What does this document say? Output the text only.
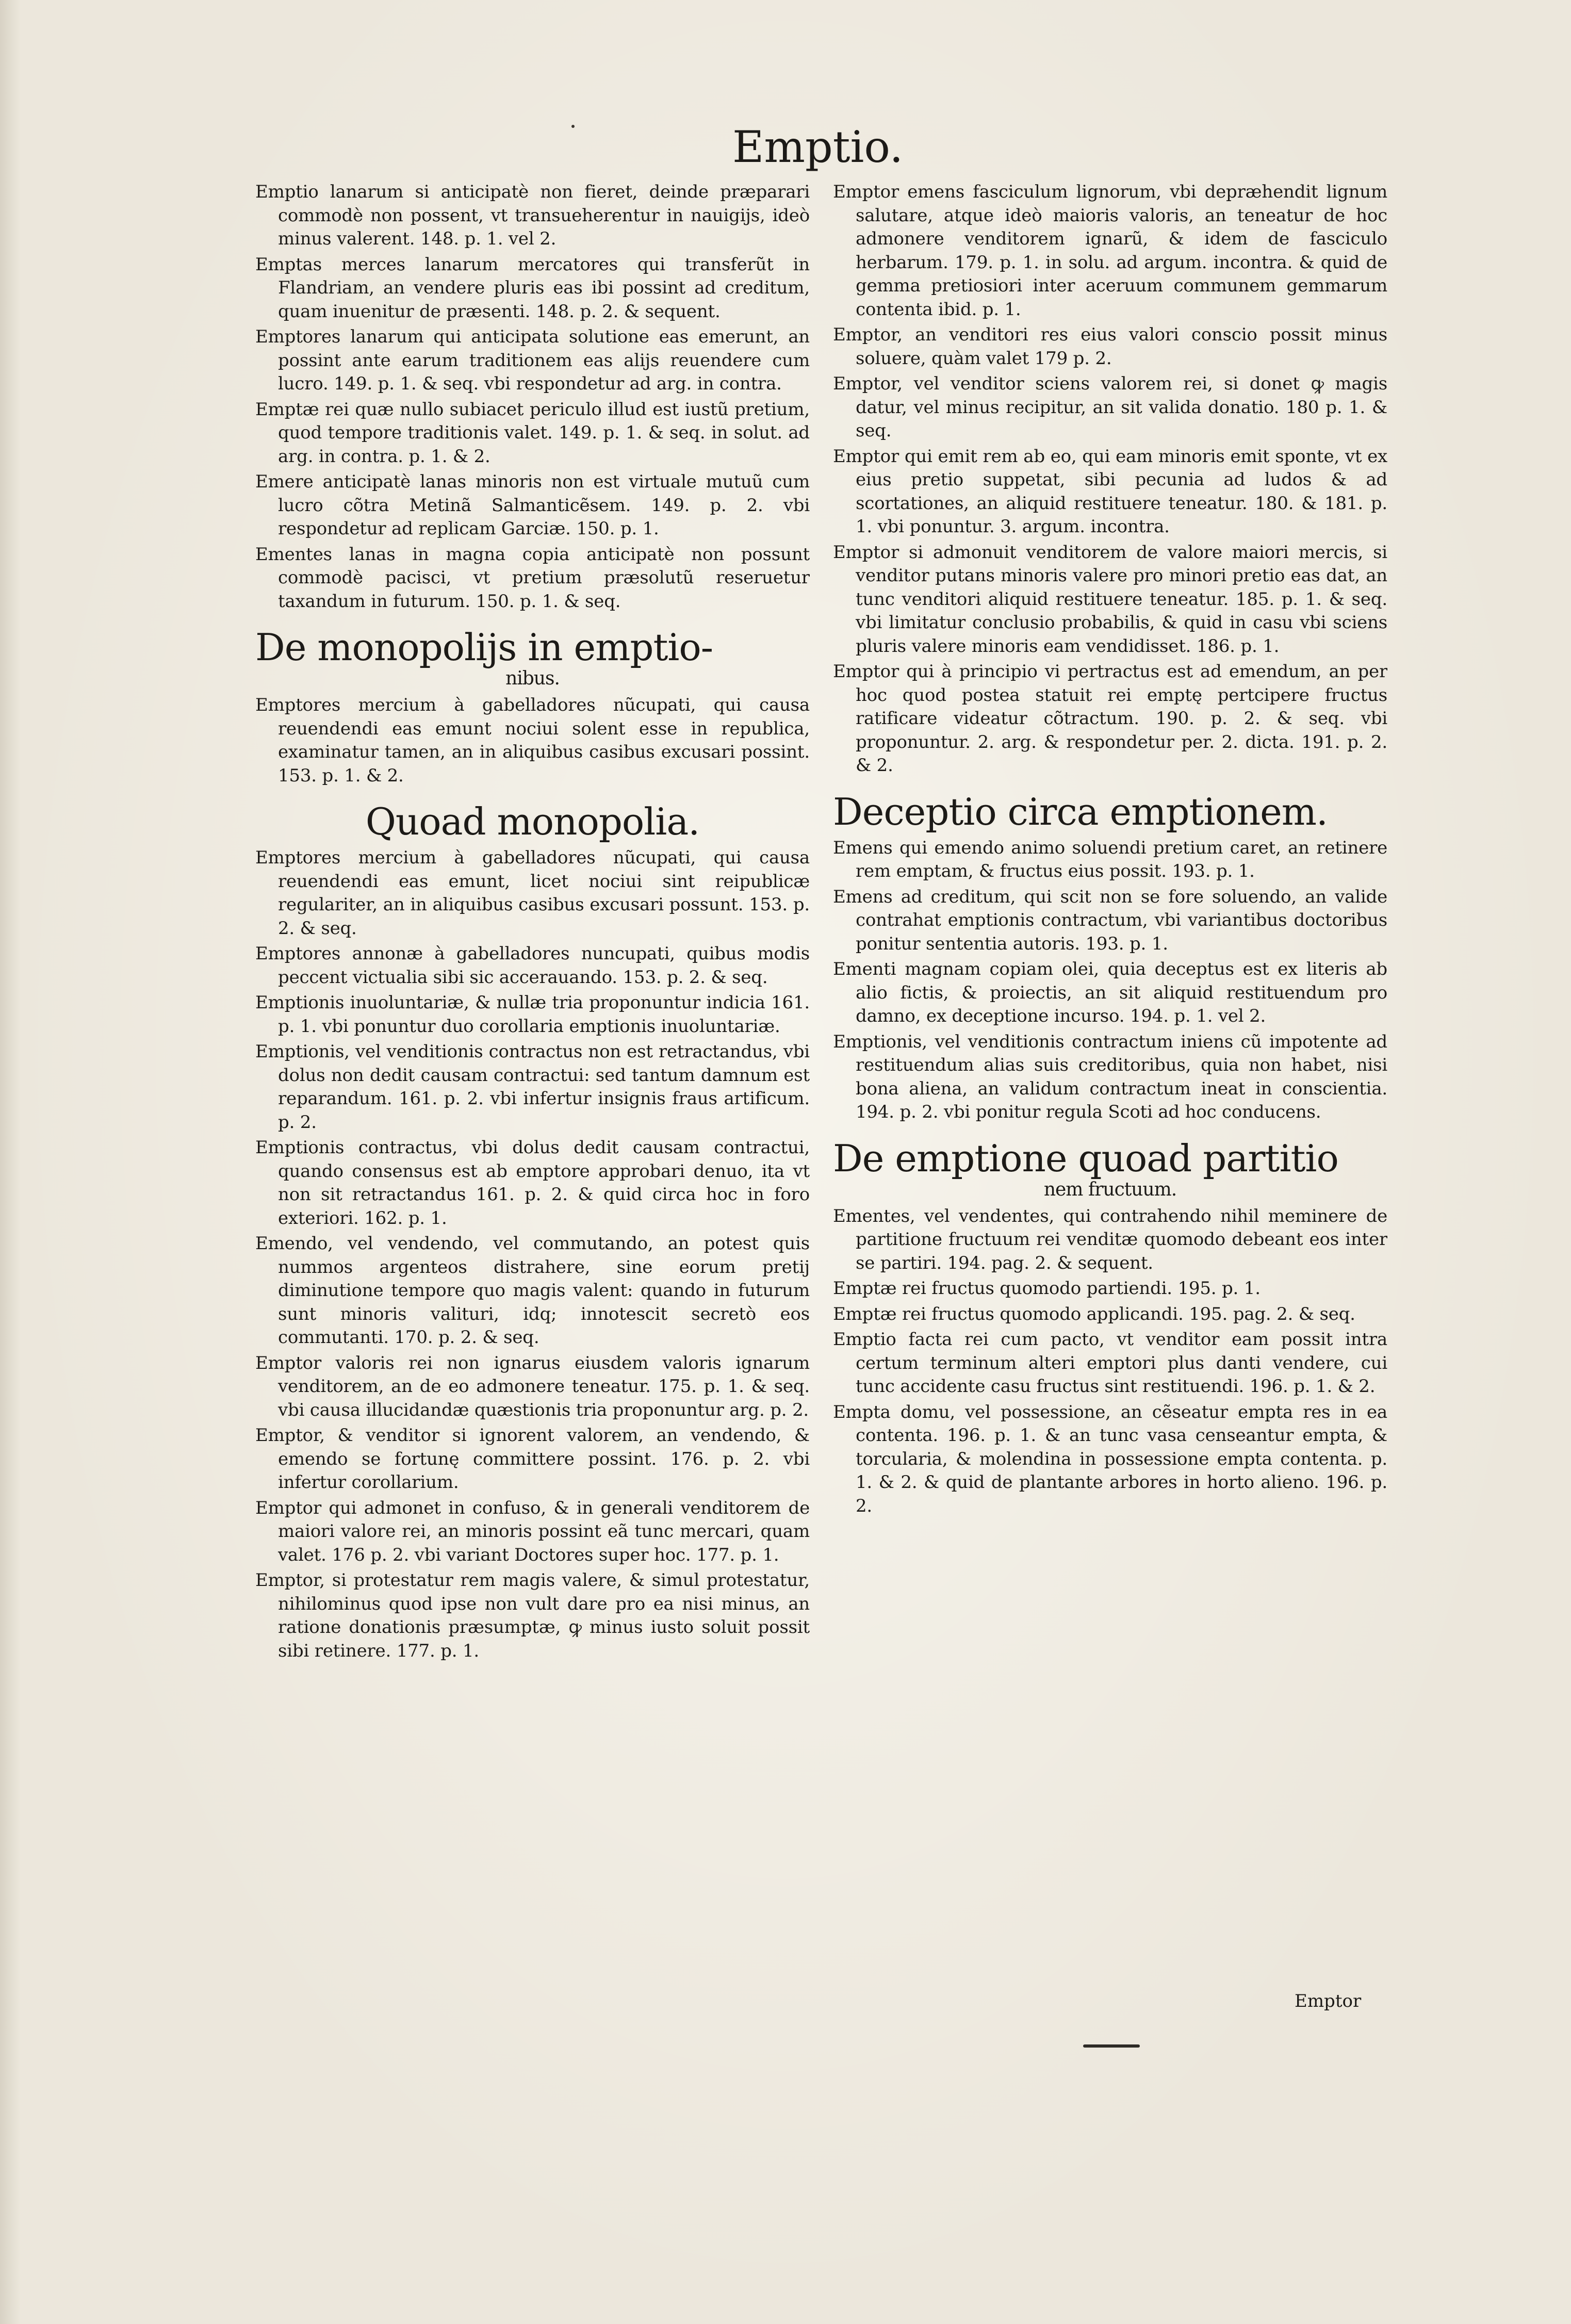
Emptio.

Emptio lanarum si anticipatè non fieret, deinde præparari commodè non possent, vt transueherentur in nauigijs, ideò minus valerent. 148. p. 1. vel 2.

Emptas merces lanarum mercatores qui transferũt in Flandriam, an vendere pluris eas ibi possint ad creditum, quam inuenitur de præsenti. 148. p. 2. & sequent.

Emptores lanarum qui anticipata solutione eas emerunt, an possint ante earum traditionem eas alijs reuendere cum lucro. 149. p. 1. & seq. vbi respondetur ad arg. in contra.

Emptæ rei quæ nullo subiacet periculo illud est iustũ pretium, quod tempore traditionis valet. 149. p. 1. & seq. in solut. ad arg. in contra. p. 1. & 2.

Emere anticipatè lanas minoris non est virtuale mutuũ cum lucro cõtra Metinã Salmanticẽsem. 149. p. 2. vbi respondetur ad replicam Garciæ. 150. p. 1.

Ementes lanas in magna copia anticipatè non possunt commodè pacisci, vt pretium præsolutũ reseruetur taxandum in futurum. 150. p. 1. & seq.

De monopolijs in emptio-
nibus.

Emptores mercium à gabelladores nũcupati, qui causa reuendendi eas emunt nociui solent esse in republica, examinatur tamen, an in aliquibus casibus excusari possint. 153. p. 1. & 2.

Quoad monopolia.

Emptores mercium à gabelladores nũcupati, qui causa reuendendi eas emunt, licet nociui sint reipublicæ regulariter, an in aliquibus casibus excusari possunt. 153. p. 2. & seq.

Emptores annonæ à gabelladores nuncupati, quibus modis peccent victualia sibi sic accerauando. 153. p. 2. & seq.

Emptionis inuoluntariæ, & nullæ tria proponuntur indicia 161. p. 1. vbi ponuntur duo corollaria emptionis inuoluntariæ.

Emptionis, vel venditionis contractus non est retractandus, vbi dolus non dedit causam contractui: sed tantum damnum est reparandum. 161. p. 2. vbi infertur insignis fraus artificum. p. 2.

Emptionis contractus, vbi dolus dedit causam contractui, quando consensus est ab emptore approbari denuo, ita vt non sit retractandus 161. p. 2. & quid circa hoc in foro exteriori. 162. p. 1.

Emendo, vel vendendo, vel commutando, an potest quis nummos argenteos distrahere, sine eorum pretij diminutione tempore quo magis valent: quando in futurum sunt minoris valituri, idq; innotescit secretò eos commutanti. 170. p. 2. & seq.

Emptor valoris rei non ignarus eiusdem valoris ignarum venditorem, an de eo admonere teneatur. 175. p. 1. & seq. vbi causa illucidandæ quæstionis tria proponuntur arg. p. 2.

Emptor, & venditor si ignorent valorem, an vendendo, & emendo se fortunę committere possint. 176. p. 2. vbi infertur corollarium.

Emptor qui admonet in confuso, & in generali venditorem de maiori valore rei, an minoris possint eã tunc mercari, quam valet. 176 p. 2. vbi variant Doctores super hoc. 177. p. 1.

Emptor, si protestatur rem magis valere, & simul protestatur, nihilominus quod ipse non vult dare pro ea nisi minus, an ratione donationis præsumptæ, ꝙ minus iusto soluit possit sibi retinere. 177. p. 1.

Emptor emens fasciculum lignorum, vbi depræhendit lignum salutare, atque ideò maioris valoris, an teneatur de hoc admonere venditorem ignarũ, & idem de fasciculo herbarum. 179. p. 1. in solu. ad argum. incontra. & quid de gemma pretiosiori inter aceruum communem gemmarum contenta ibid. p. 1.

Emptor, an venditori res eius valori conscio possit minus soluere, quàm valet 179 p. 2.

Emptor, vel venditor sciens valorem rei, si donet ꝙ magis datur, vel minus recipitur, an sit valida donatio. 180 p. 1. & seq.

Emptor qui emit rem ab eo, qui eam minoris emit sponte, vt ex eius pretio suppetat, sibi pecunia ad ludos & ad scortationes, an aliquid restituere teneatur. 180. & 181. p. 1. vbi ponuntur. 3. argum. incontra.

Emptor si admonuit venditorem de valore maiori mercis, si venditor putans minoris valere pro minori pretio eas dat, an tunc venditori aliquid restituere teneatur. 185. p. 1. & seq. vbi limitatur conclusio probabilis, & quid in casu vbi sciens pluris valere minoris eam vendidisset. 186. p. 1.

Emptor qui à principio vi pertractus est ad emendum, an per hoc quod postea statuit rei emptę pertcipere fructus ratificare videatur cõtractum. 190. p. 2. & seq. vbi proponuntur. 2. arg. & respondetur per. 2. dicta. 191. p. 2. & 2.

Deceptio circa emptionem.

Emens qui emendo animo soluendi pretium caret, an retinere rem emptam, & fructus eius possit. 193. p. 1.

Emens ad creditum, qui scit non se fore soluendo, an valide contrahat emptionis contractum, vbi variantibus doctoribus ponitur sententia autoris. 193. p. 1.

Ementi magnam copiam olei, quia deceptus est ex literis ab alio fictis, & proiectis, an sit aliquid restituendum pro damno, ex deceptione incurso. 194. p. 1. vel 2.

Emptionis, vel venditionis contractum iniens cũ impotente ad restituendum alias suis creditoribus, quia non habet, nisi bona aliena, an validum contractum ineat in conscientia. 194. p. 2. vbi ponitur regula Scoti ad hoc conducens.

De emptione quoad partitio
nem fructuum.

Ementes, vel vendentes, qui contrahendo nihil meminere de partitione fructuum rei venditæ quomodo debeant eos inter se partiri. 194. pag. 2. & sequent.

Emptæ rei fructus quomodo partiendi. 195. p. 1.

Emptæ rei fructus quomodo applicandi. 195. pag. 2. & seq.

Emptio facta rei cum pacto, vt venditor eam possit intra certum terminum alteri emptori plus danti vendere, cui tunc accidente casu fructus sint restituendi. 196. p. 1. & 2.

Empta domu, vel possessione, an cẽseatur empta res in ea contenta. 196. p. 1. & an tunc vasa censeantur empta, & torcularia, & molendina in possessione empta contenta. p. 1. & 2. & quid de plantante arbores in horto alieno. 196. p. 2.

Emptor
